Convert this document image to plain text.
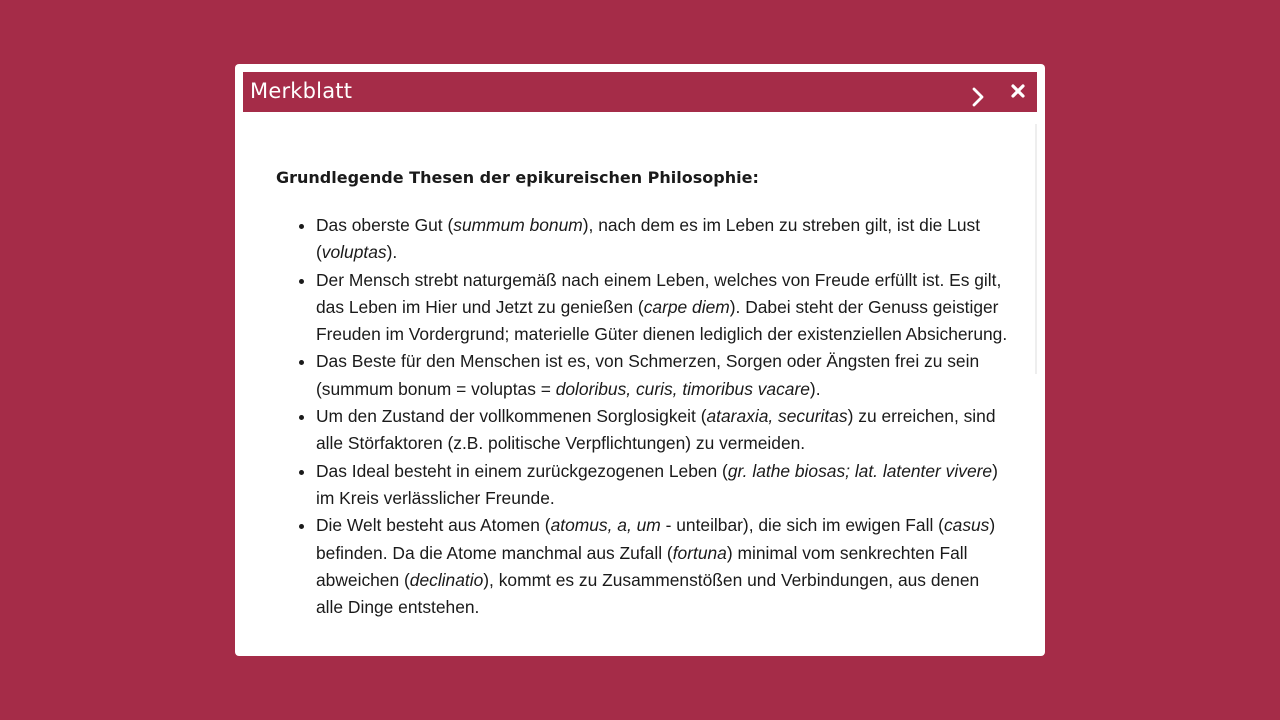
Merkblatt
Grundlegende Thesen der epikureischen Philosophie:
• Das oberste Gut (summum bonum), nach dem es im Leben zu streben gilt, ist die Lust (voluptas).
• Der Mensch strebt naturgemäß nach einem Leben, welches von Freude erfüllt ist. Es gilt, das Leben im Hier und Jetzt zu genießen (carpe diem). Dabei steht der Genuss geistiger Freuden im Vordergrund; materielle Güter dienen lediglich der existenziellen Absicherung.
• Das Beste für den Menschen ist es, von Schmerzen, Sorgen oder Ängsten frei zu sein (summum bonum = voluptas = doloribus, curis, timoribus vacare).
• Um den Zustand der vollkommenen Sorglosigkeit (ataraxia, securitas) zu erreichen, sind alle Störfaktoren (z.B. politische Verpflichtungen) zu vermeiden.
• Das Ideal besteht in einem zurückgezogenen Leben (gr. lathe biosas; lat. latenter vivere) im Kreis verlässlicher Freunde.
• Die Welt besteht aus Atomen (atomus, a, um - unteilbar), die sich im ewigen Fall (casus) befinden. Da die Atome manchmal aus Zufall (fortuna) minimal vom senkrechten Fall abweichen (declinatio), kommt es zu Zusammenstößen und Verbindungen, aus denen alle Dinge entstehen.
